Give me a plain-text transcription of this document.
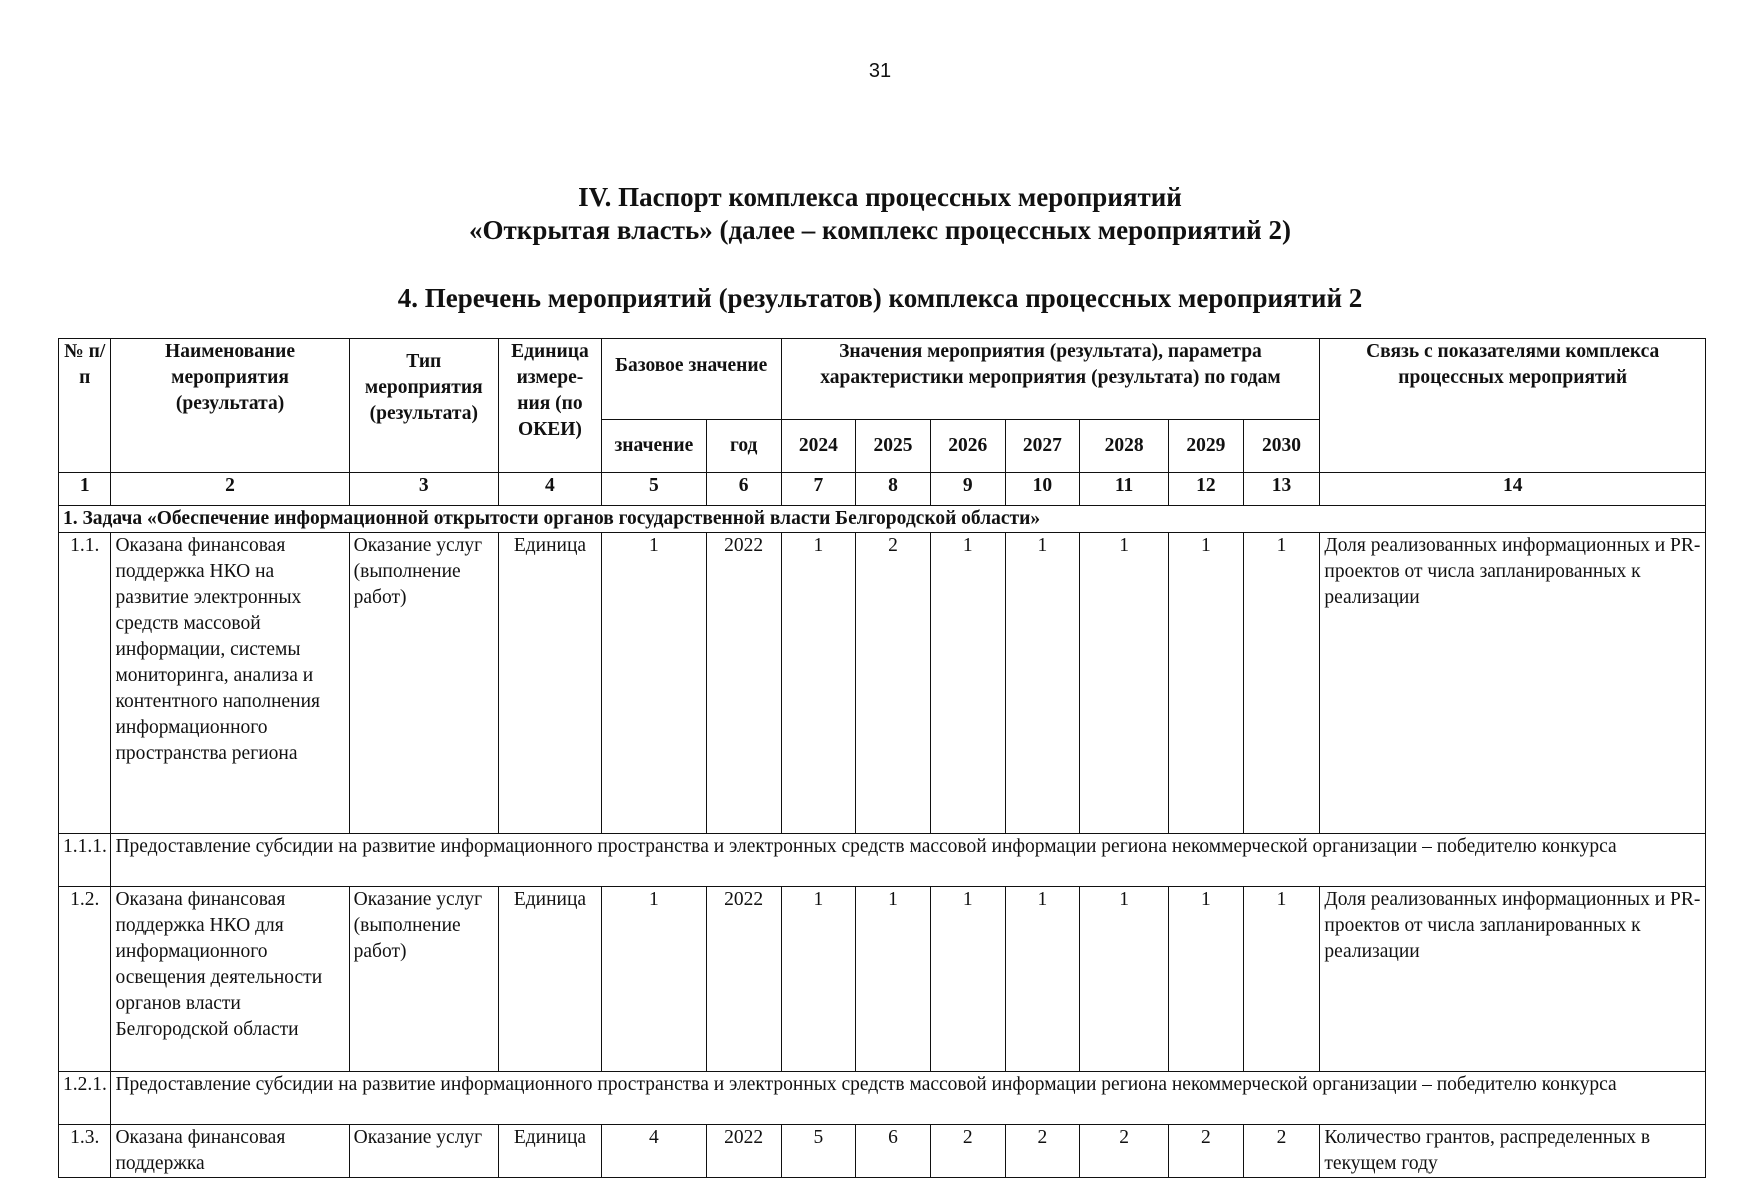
31
IV. Паспорт комплекса процессных мероприятий
«Открытая власть» (далее – комплекс процессных мероприятий 2)
4. Перечень мероприятий (результатов) комплекса процессных мероприятий 2
№ п/п	Наименование мероприятия (результата)	Тип мероприятия (результата)	Единица измере-ния (по ОКЕИ)	Базовое значение		Значения мероприятия (результата), параметра характеристики мероприятия (результата) по годам							Связь с показателями комплекса процессных мероприятий
				значение	год	2024	2025	2026	2027	2028	2029	2030	
1	2	3	4	5	6	7	8	9	10	11	12	13	14
1. Задача «Обеспечение информационной открытости органов государственной власти Белгородской области»													
1.1.	Оказана финансовая поддержка НКО на развитие электронных средств массовой информации, системы мониторинга, анализа и контентного наполнения информационного пространства региона	Оказание услуг (выполнение работ)	Единица	1	2022	1	2	1	1	1	1	1	Доля реализованных информационных и PR-проектов от числа запланированных к реализации
1.1.1.	Предоставление субсидии на развитие информационного пространства и электронных средств массовой информации региона некоммерческой организации – победителю конкурса												
1.2.	Оказана финансовая поддержка НКО для информационного освещения деятельности органов власти Белгородской области	Оказание услуг (выполнение работ)	Единица	1	2022	1	1	1	1	1	1	1	Доля реализованных информационных и PR-проектов от числа запланированных к реализации
1.2.1.	Предоставление субсидии на развитие информационного пространства и электронных средств массовой информации региона некоммерческой организации – победителю конкурса												
1.3.	Оказана финансовая поддержка	Оказание услуг	Единица	4	2022	5	6	2	2	2	2	2	Количество грантов, распределенных в текущем году
